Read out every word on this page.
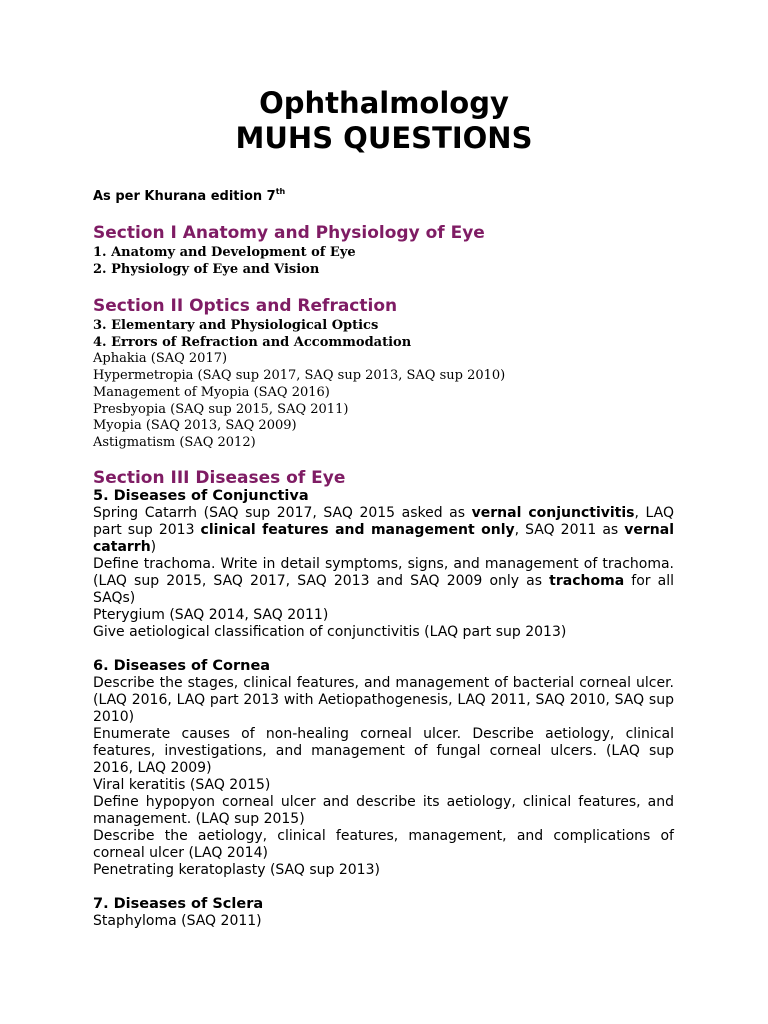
Ophthalmology
MUHS QUESTIONS
As per Khurana edition 7th
Section I Anatomy and Physiology of Eye
1. Anatomy and Development of Eye
2. Physiology of Eye and Vision
Section II Optics and Refraction
3. Elementary and Physiological Optics
4. Errors of Refraction and Accommodation
Aphakia (SAQ 2017)
Hypermetropia (SAQ sup 2017, SAQ sup 2013, SAQ sup 2010)
Management of Myopia (SAQ 2016)
Presbyopia (SAQ sup 2015, SAQ 2011)
Myopia (SAQ 2013, SAQ 2009)
Astigmatism (SAQ 2012)
Section III Diseases of Eye
5. Diseases of Conjunctiva
Spring Catarrh (SAQ sup 2017, SAQ 2015 asked as vernal conjunctivitis, LAQ part sup 2013 clinical features and management only, SAQ 2011 as vernal catarrh)
Define trachoma. Write in detail symptoms, signs, and management of trachoma. (LAQ sup 2015, SAQ 2017, SAQ 2013 and SAQ 2009 only as trachoma for all SAQs)
Pterygium (SAQ 2014, SAQ 2011)
Give aetiological classification of conjunctivitis (LAQ part sup 2013)
6. Diseases of Cornea
Describe the stages, clinical features, and management of bacterial corneal ulcer. (LAQ 2016, LAQ part 2013 with Aetiopathogenesis, LAQ 2011, SAQ 2010, SAQ sup 2010)
Enumerate causes of non-healing corneal ulcer. Describe aetiology, clinical features, investigations, and management of fungal corneal ulcers. (LAQ sup 2016, LAQ 2009)
Viral keratitis (SAQ 2015)
Define hypopyon corneal ulcer and describe its aetiology, clinical features, and management. (LAQ sup 2015)
Describe the aetiology, clinical features, management, and complications of corneal ulcer (LAQ 2014)
Penetrating keratoplasty (SAQ sup 2013)
7. Diseases of Sclera
Staphyloma (SAQ 2011)
